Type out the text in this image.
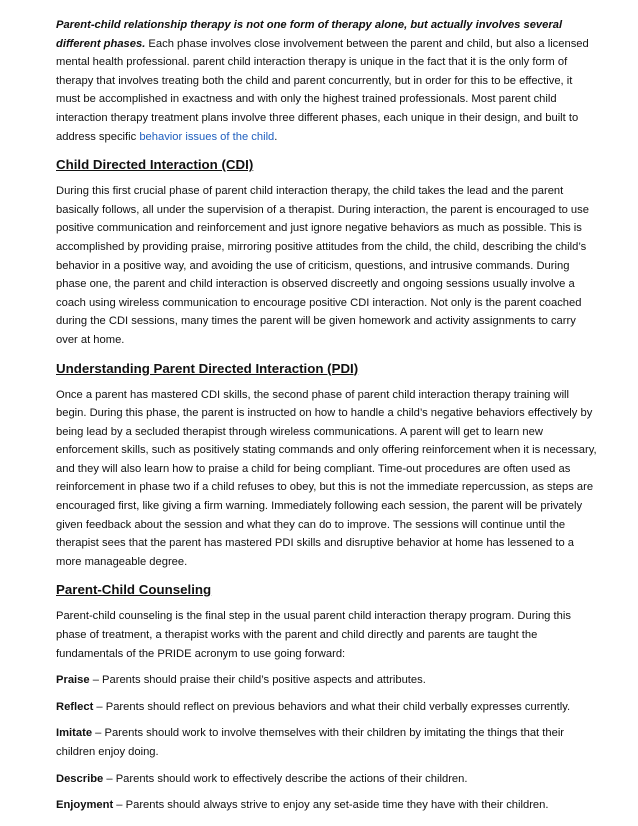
Parent-child relationship therapy is not one form of therapy alone, but actually involves several different phases. Each phase involves close involvement between the parent and child, but also a licensed mental health professional. parent child interaction therapy is unique in the fact that it is the only form of therapy that involves treating both the child and parent concurrently, but in order for this to be effective, it must be accomplished in exactness and with only the highest trained professionals. Most parent child interaction therapy treatment plans involve three different phases, each unique in their design, and built to address specific behavior issues of the child.

Child Directed Interaction (CDI)

During this first crucial phase of parent child interaction therapy, the child takes the lead and the parent basically follows, all under the supervision of a therapist. During interaction, the parent is encouraged to use positive communication and reinforcement and just ignore negative behaviors as much as possible. This is accomplished by providing praise, mirroring positive attitudes from the child, the child, describing the child’s behavior in a positive way, and avoiding the use of criticism, questions, and intrusive commands. During phase one, the parent and child interaction is observed discreetly and ongoing sessions usually involve a coach using wireless communication to encourage positive CDI interaction. Not only is the parent coached during the CDI sessions, many times the parent will be given homework and activity assignments to carry over at home.

Understanding Parent Directed Interaction (PDI)

Once a parent has mastered CDI skills, the second phase of parent child interaction therapy training will begin. During this phase, the parent is instructed on how to handle a child’s negative behaviors effectively by being lead by a secluded therapist through wireless communications. A parent will get to learn new enforcement skills, such as positively stating commands and only offering reinforcement when it is necessary, and they will also learn how to praise a child for being compliant. Time-out procedures are often used as reinforcement in phase two if a child refuses to obey, but this is not the immediate repercussion, as steps are encouraged first, like giving a firm warning. Immediately following each session, the parent will be privately given feedback about the session and what they can do to improve. The sessions will continue until the therapist sees that the parent has mastered PDI skills and disruptive behavior at home has lessened to a more manageable degree.

Parent-Child Counseling

Parent-child counseling is the final step in the usual parent child interaction therapy program. During this phase of treatment, a therapist works with the parent and child directly and parents are taught the fundamentals of the PRIDE acronym to use going forward:

Praise – Parents should praise their child’s positive aspects and attributes.

Reflect – Parents should reflect on previous behaviors and what their child verbally expresses currently.

Imitate – Parents should work to involve themselves with their children by imitating the things that their children enjoy doing.

Describe – Parents should work to effectively describe the actions of their children.

Enjoyment – Parents should always strive to enjoy any set-aside time they have with their children.
